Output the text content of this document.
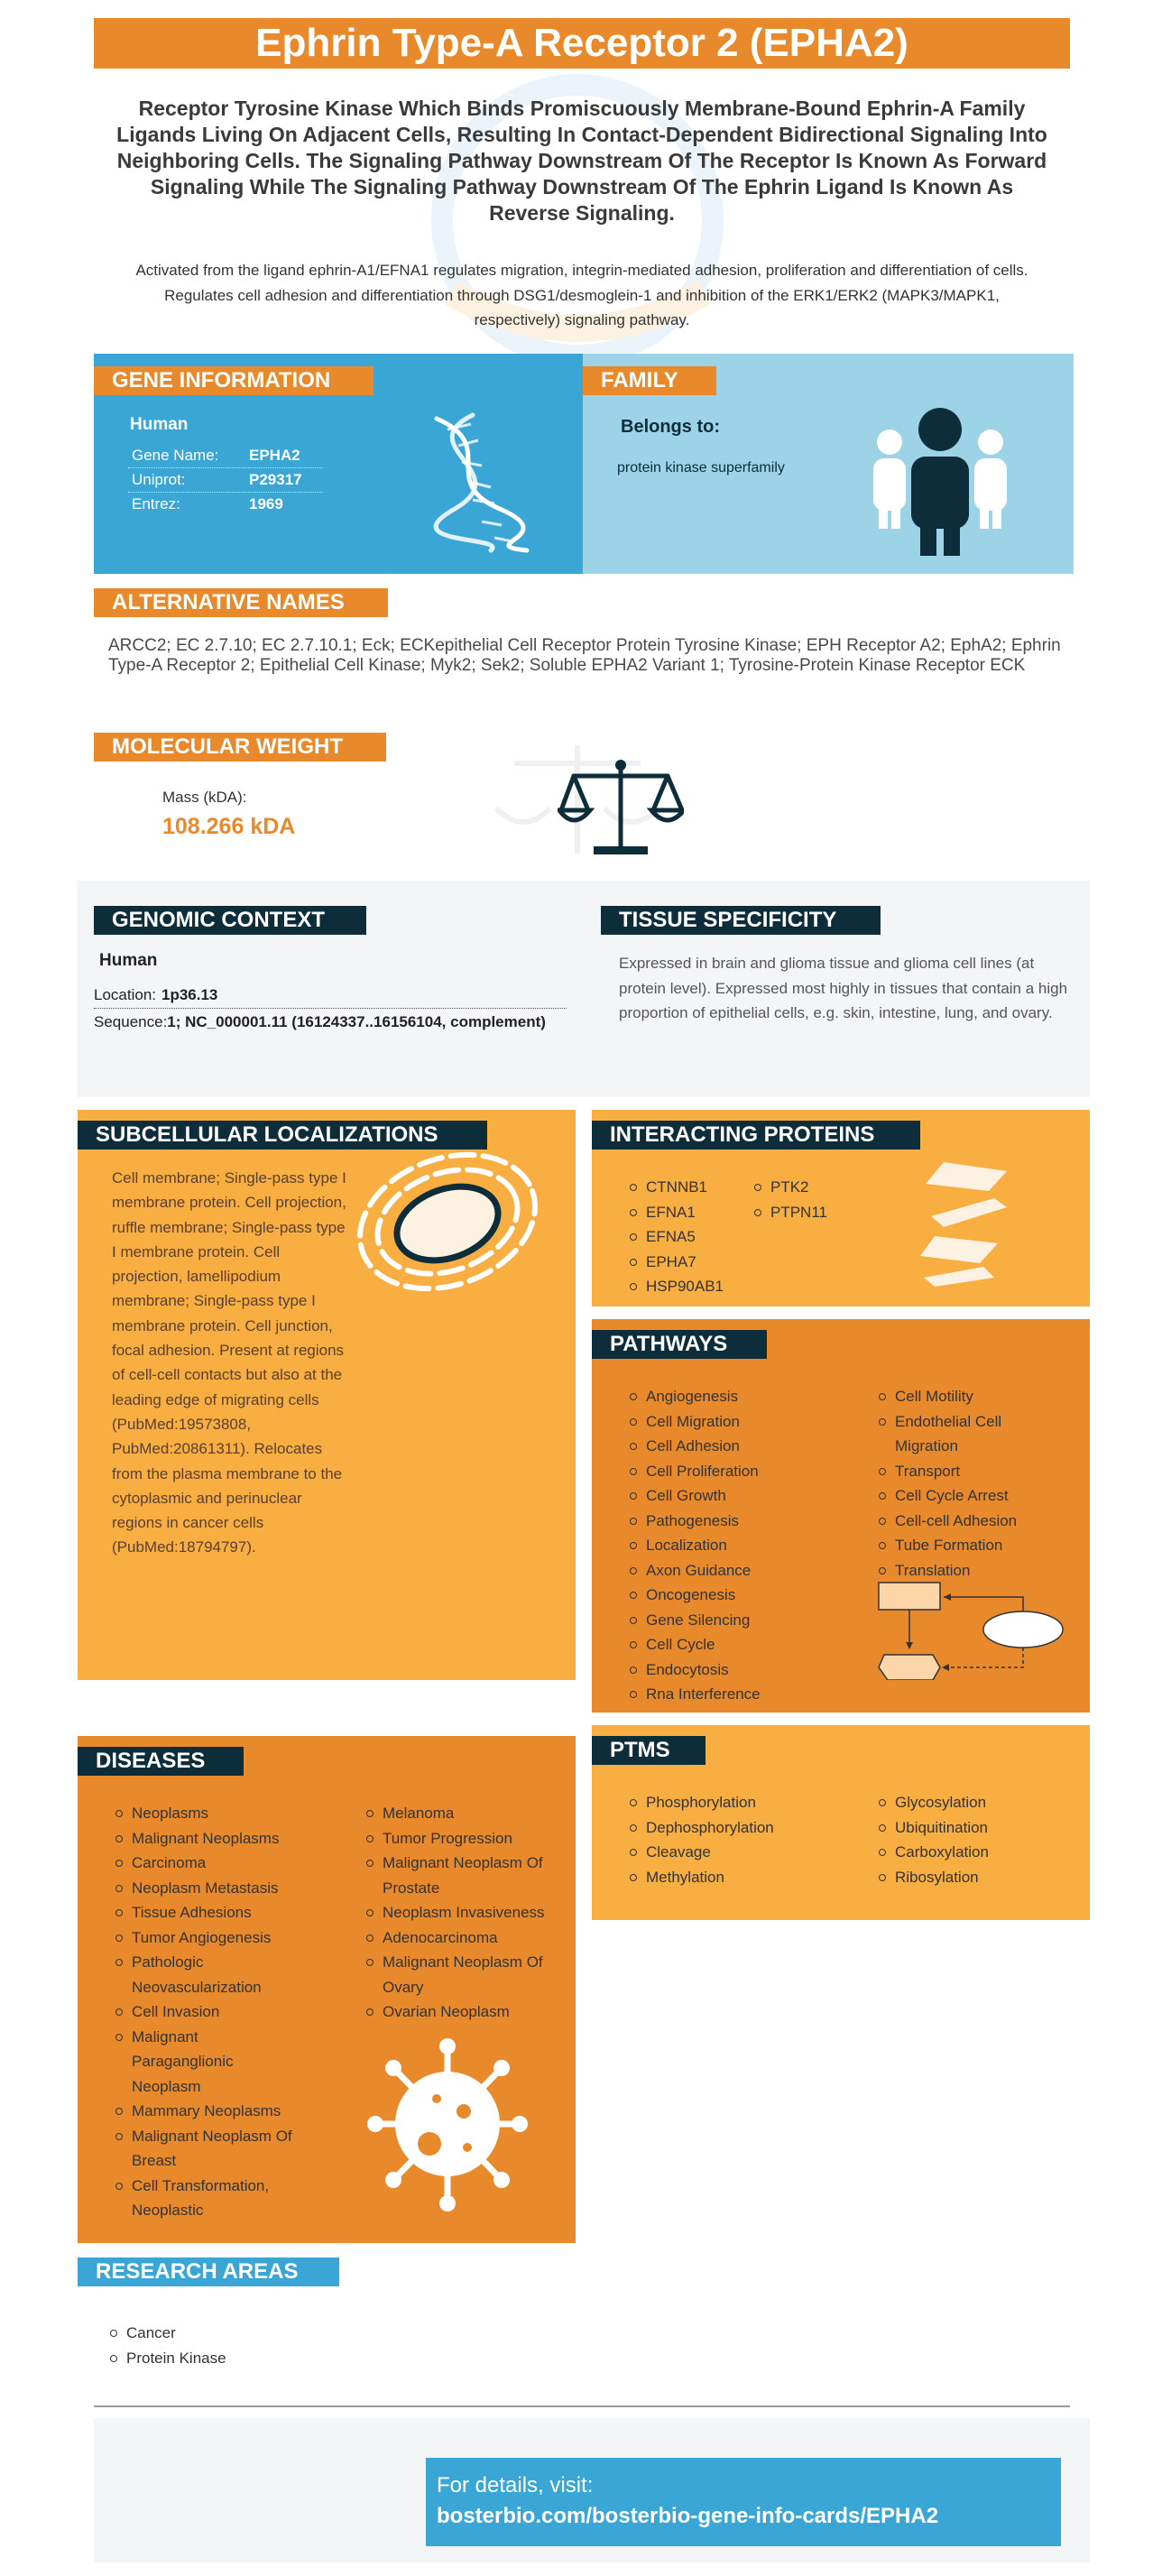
Ephrin Type-A Receptor 2 (EPHA2)
Receptor Tyrosine Kinase Which Binds Promiscuously Membrane-Bound Ephrin-A Family Ligands Living On Adjacent Cells, Resulting In Contact-Dependent Bidirectional Signaling Into Neighboring Cells. The Signaling Pathway Downstream Of The Receptor Is Known As Forward Signaling While The Signaling Pathway Downstream Of The Ephrin Ligand Is Known As Reverse Signaling.
Activated from the ligand ephrin-A1/EFNA1 regulates migration, integrin-mediated adhesion, proliferation and differentiation of cells. Regulates cell adhesion and differentiation through DSG1/desmoglein-1 and inhibition of the ERK1/ERK2 (MAPK3/MAPK1, respectively) signaling pathway.
GENE INFORMATION
Human
Gene Name: EPHA2
Uniprot:	P29317
Entrez:	1969
FAMILY
Belongs to:
protein kinase superfamily
ALTERNATIVE NAMES
ARCC2; EC 2.7.10; EC 2.7.10.1; Eck; ECKepithelial Cell Receptor Protein Tyrosine Kinase; EPH Receptor A2; EphA2; Ephrin Type-A Receptor 2; Epithelial Cell Kinase; Myk2; Sek2; Soluble EPHA2 Variant 1; Tyrosine-Protein Kinase Receptor ECK
MOLECULAR WEIGHT
Mass (kDA):
108.266 kDA
GENOMIC CONTEXT
Human
Location: 1p36.13
Sequence:1; NC_000001.11 (16124337..16156104, complement)
TISSUE SPECIFICITY
Expressed in brain and glioma tissue and glioma cell lines (at protein level). Expressed most highly in tissues that contain a high proportion of epithelial cells, e.g. skin, intestine, lung, and ovary.
SUBCELLULAR LOCALIZATIONS
Cell membrane; Single-pass type I membrane protein. Cell projection, ruffle membrane; Single-pass type I membrane protein. Cell projection, lamellipodium membrane; Single-pass type I membrane protein. Cell junction, focal adhesion. Present at regions of cell-cell contacts but also at the leading edge of migrating cells (PubMed:19573808, PubMed:20861311). Relocates from the plasma membrane to the cytoplasmic and perinuclear regions in cancer cells (PubMed:18794797).
INTERACTING PROTEINS
CTNNB1
EFNA1
EFNA5
EPHA7
HSP90AB1
PTK2
PTPN11
PATHWAYS
Angiogenesis
Cell Migration
Cell Adhesion
Cell Proliferation
Cell Growth
Pathogenesis
Localization
Axon Guidance
Oncogenesis
Gene Silencing
Cell Cycle
Endocytosis
Rna Interference
Cell Motility
Endothelial Cell Migration
Transport
Cell Cycle Arrest
Cell-cell Adhesion
Tube Formation
Translation
DISEASES
Neoplasms
Malignant Neoplasms
Carcinoma
Neoplasm Metastasis
Tissue Adhesions
Tumor Angiogenesis
Pathologic Neovascularization
Cell Invasion
Malignant Paraganglionic Neoplasm
Mammary Neoplasms
Malignant Neoplasm Of Breast
Cell Transformation, Neoplastic
Melanoma
Tumor Progression
Malignant Neoplasm Of Prostate
Neoplasm Invasiveness
Adenocarcinoma
Malignant Neoplasm Of Ovary
Ovarian Neoplasm
PTMS
Phosphorylation
Dephosphorylation
Cleavage
Methylation
Glycosylation
Ubiquitination
Carboxylation
Ribosylation
RESEARCH AREAS
Cancer
Protein Kinase
For details, visit:
bosterbio.com/bosterbio-gene-info-cards/EPHA2
